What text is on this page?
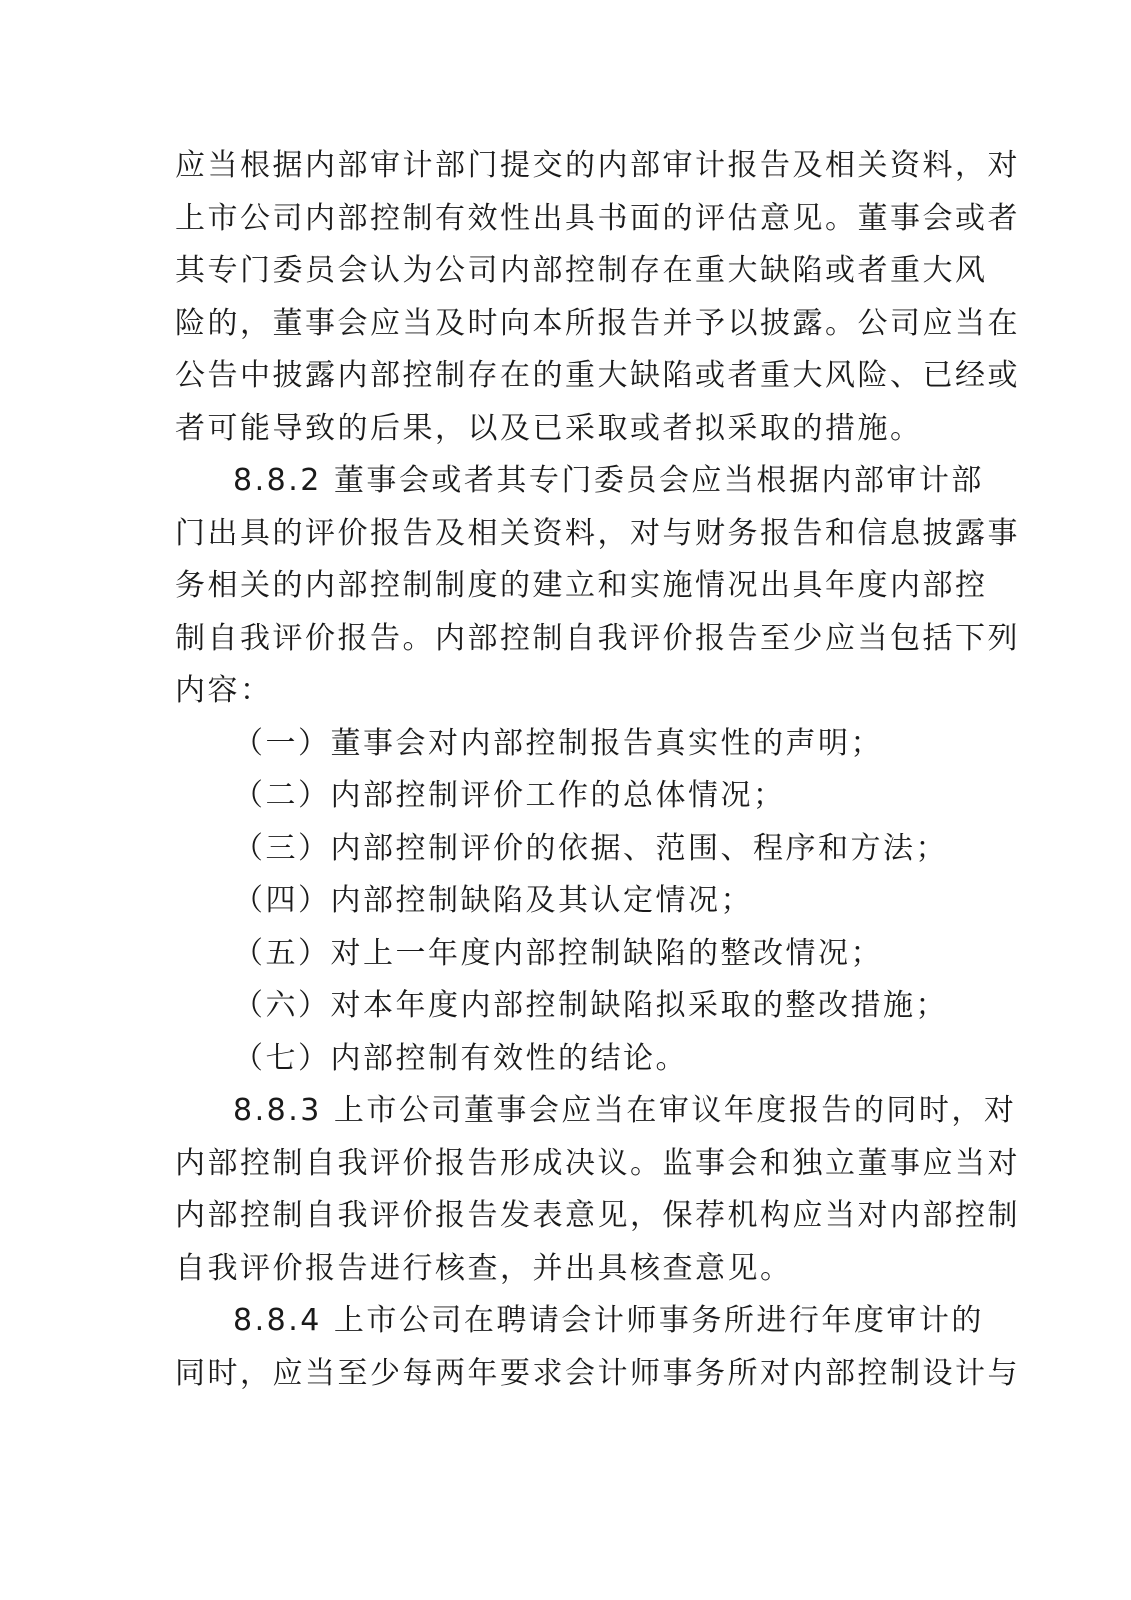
应当根据内部审计部门提交的内部审计报告及相关资料，对
上市公司内部控制有效性出具书面的评估意见。董事会或者
其专门委员会认为公司内部控制存在重大缺陷或者重大风
险的，董事会应当及时向本所报告并予以披露。公司应当在
公告中披露内部控制存在的重大缺陷或者重大风险、已经或
者可能导致的后果，以及已采取或者拟采取的措施。
8.8.2 董事会或者其专门委员会应当根据内部审计部
门出具的评价报告及相关资料，对与财务报告和信息披露事
务相关的内部控制制度的建立和实施情况出具年度内部控
制自我评价报告。内部控制自我评价报告至少应当包括下列
内容：
（一）董事会对内部控制报告真实性的声明；
（二）内部控制评价工作的总体情况；
（三）内部控制评价的依据、范围、程序和方法；
（四）内部控制缺陷及其认定情况；
（五）对上一年度内部控制缺陷的整改情况；
（六）对本年度内部控制缺陷拟采取的整改措施；
（七）内部控制有效性的结论。
8.8.3 上市公司董事会应当在审议年度报告的同时，对
内部控制自我评价报告形成决议。监事会和独立董事应当对
内部控制自我评价报告发表意见，保荐机构应当对内部控制
自我评价报告进行核查，并出具核查意见。
8.8.4 上市公司在聘请会计师事务所进行年度审计的
同时，应当至少每两年要求会计师事务所对内部控制设计与
